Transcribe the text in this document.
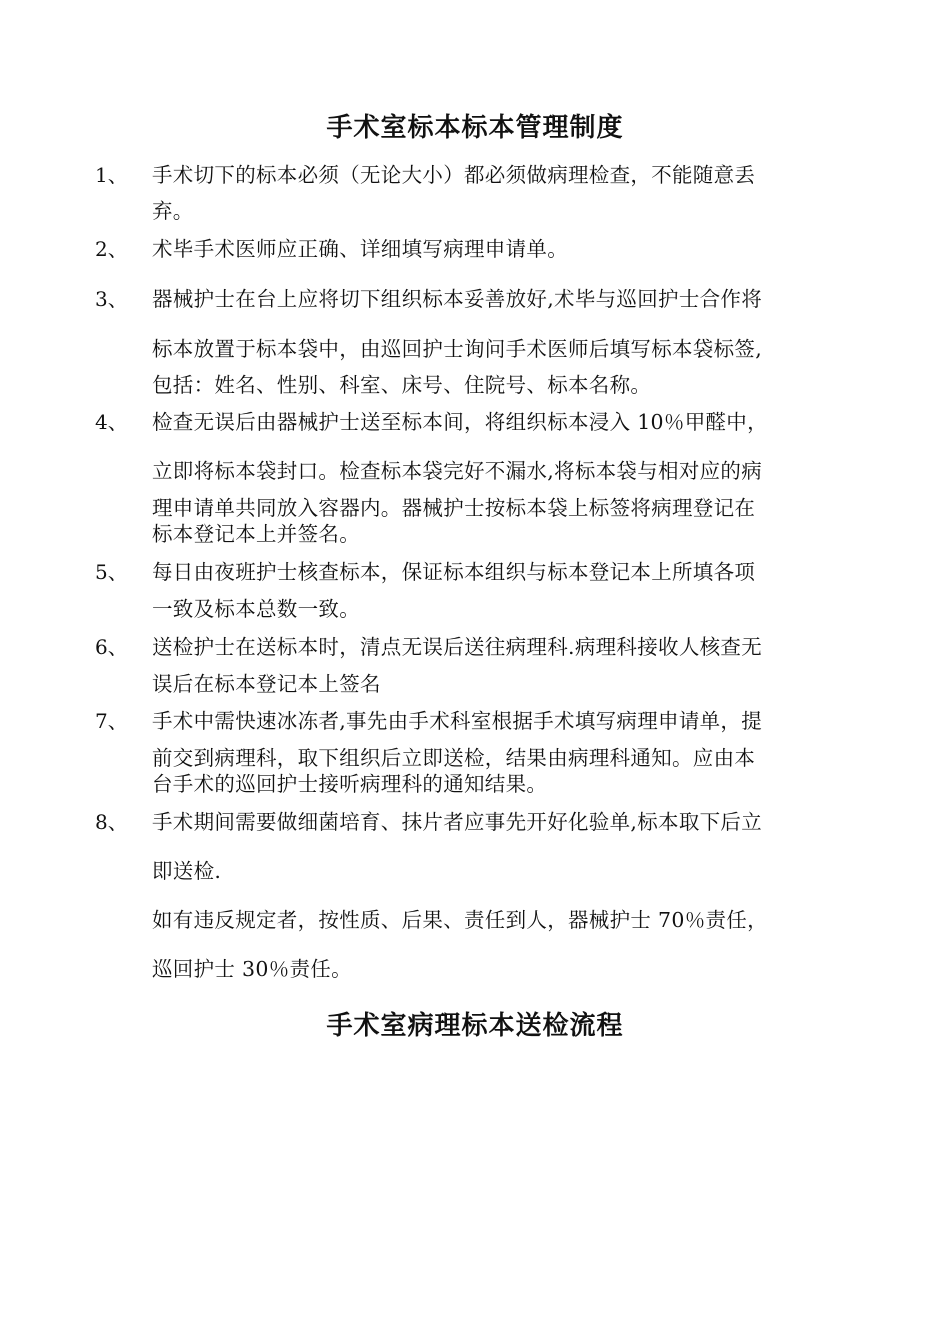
手术室标本标本管理制度
1、 手术切下的标本必须（无论大小）都必须做病理检查，不能随意丢
弃。
2、 术毕手术医师应正确、详细填写病理申请单。
3、 器械护士在台上应将切下组织标本妥善放好,术毕与巡回护士合作将
标本放置于标本袋中，由巡回护士询问手术医师后填写标本袋标签,
包括：姓名、性别、科室、床号、住院号、标本名称。
4、 检查无误后由器械护士送至标本间，将组织标本浸入 10％甲醛中，
立即将标本袋封口。检查标本袋完好不漏水,将标本袋与相对应的病
理申请单共同放入容器内。器械护士按标本袋上标签将病理登记在
标本登记本上并签名。
5、 每日由夜班护士核查标本，保证标本组织与标本登记本上所填各项
一致及标本总数一致。
6、 送检护士在送标本时，清点无误后送往病理科.病理科接收人核查无
误后在标本登记本上签名
7、 手术中需快速冰冻者,事先由手术科室根据手术填写病理申请单，提
前交到病理科，取下组织后立即送检，结果由病理科通知。应由本
台手术的巡回护士接听病理科的通知结果。
8、 手术期间需要做细菌培育、抹片者应事先开好化验单,标本取下后立
即送检.
如有违反规定者，按性质、后果、责任到人，器械护士 70％责任，
巡回护士 30％责任。
手术室病理标本送检流程
